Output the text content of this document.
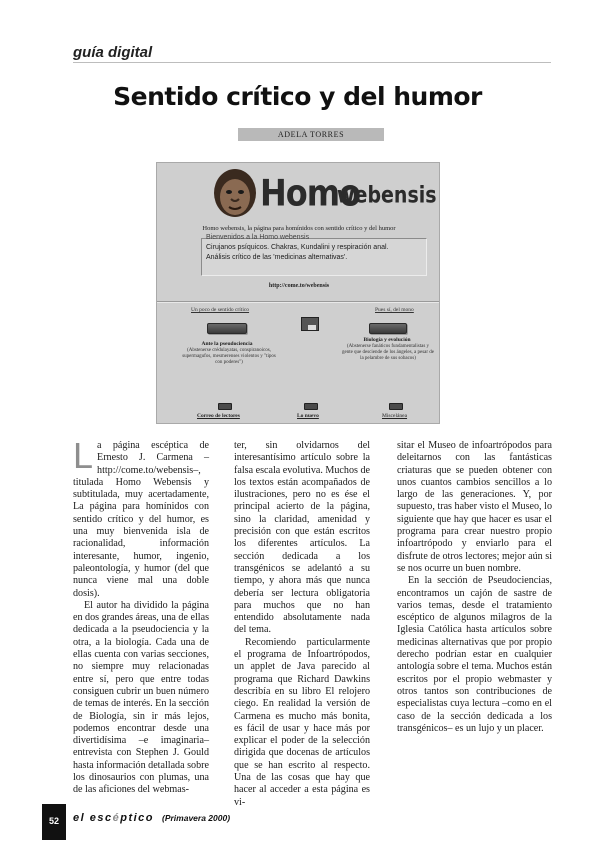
guía digital
Sentido crítico y del humor
ADELA TORRES
Homo
webensis
Homo webensis, la página para homínidos con sentido crítico y del humor
Bienvenidos a la Homo webensis
Cirujanos psíquicos. Chakras, Kundalini y respiración anal.
Análisis crítico de las 'medicinas alternativas'.
http://come.to/webensis
Un poco de sentido crítico	Pues sí, del mono
Ante la pseudociencia
(Abstenerse crédulayatas, conspiranoicos, supermagufos, mesmerenses violentos y "tipos con poderes")
Biología y evolución
(Abstenerse fanáticos fundamentalistas y gente que desciende de los ángeles, a pesar de la pelambre de sus sobacos)
Correo de lectores	Lo nuevo	Miscelánea

La página escéptica de Ernesto J. Carmena –http://come.to/webensis–, titulada Homo Webensis y subtitulada, muy acertadamente, La página para homínidos con sentido crítico y del humor, es una muy bienvenida isla de racionalidad, información interesante, humor, ingenio, paleontología, y humor (del que nunca viene mal una doble dosis).

El autor ha dividido la página en dos grandes áreas, una de ellas dedicada a la pseudociencia y la otra, a la biología. Cada una de ellas cuenta con varias secciones, no siempre muy relacionadas entre sí, pero que entre todas consiguen cubrir un buen número de temas de interés. En la sección de Biología, sin ir más lejos, podemos encontrar desde una divertidísima –e imaginaria– entrevista con Stephen J. Gould hasta información detallada sobre los dinosaurios con plumas, una de las aficiones del webmas-

ter, sin olvidarnos del interesantísimo artículo sobre la falsa escala evolutiva. Muchos de los textos están acompañados de ilustraciones, pero no es ése el principal acierto de la página, sino la claridad, amenidad y precisión con que están escritos los diferentes artículos. La sección dedicada a los transgénicos se adelantó a su tiempo, y ahora más que nunca debería ser lectura obligatoria para muchos que no han entendido absolutamente nada del tema.

Recomiendo particularmente el programa de Infoartrópodos, un applet de Java parecido al programa que Richard Dawkins describía en su libro El relojero ciego. En realidad la versión de Carmena es mucho más bonita, es fácil de usar y hace más por explicar el poder de la selección dirigida que docenas de artículos que se han escrito al respecto. Una de las cosas que hay que hacer al acceder a esta página es vi-

sitar el Museo de infoartrópodos para deleitarnos con las fantásticas criaturas que se pueden obtener con unos cuantos cambios sencillos a lo largo de las generaciones. Y, por supuesto, tras haber visto el Museo, lo siguiente que hay que hacer es usar el programa para crear nuestro propio infoartrópodo y enviarlo para el disfrute de otros lectores; mejor aún si se nos ocurre un buen nombre.

En la sección de Pseudociencias, encontramos un cajón de sastre de varios temas, desde el tratamiento escéptico de algunos milagros de la Iglesia Católica hasta artículos sobre medicinas alternativas que por propio derecho podrían estar en cualquier antología sobre el tema. Muchos están escritos por el propio webmaster y otros tantos son contribuciones de especialistas cuya lectura –como en el caso de la sección dedicada a los transgénicos– es un lujo y un placer.

52	el escéptico (Primavera 2000)
